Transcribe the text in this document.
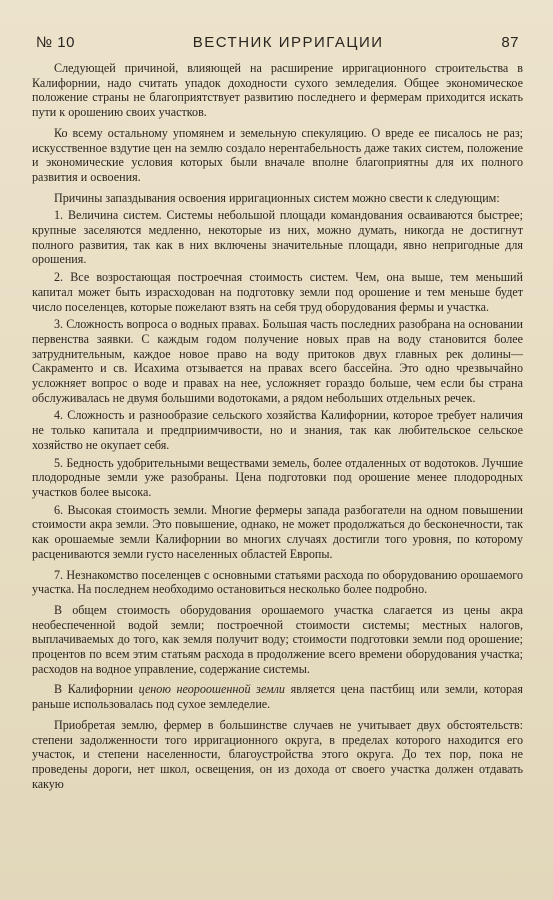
№ 10	ВЕСТНИК ИРРИГАЦИИ	87

Следующей причиной, влияющей на расширение ирригационного строительства в Калифорнии, надо считать упадок доходности сухого земледелия. Общее экономическое положение страны не благоприятствует развитию последнего и фермерам приходится искать пути к орошению своих участков.

Ко всему остальному упомянем и земельную спекуляцию. О вреде ее писалось не раз; искусственное вздутие цен на землю создало нерентабельность даже таких систем, положение и экономические условия которых были вначале вполне благоприятны для их полного развития и освоения.

Причины запаздывания освоения ирригационных систем можно свести к следующим:

1. Величина систем. Системы небольшой площади командования осваиваются быстрее; крупные заселяются медленно, некоторые из них, можно думать, никогда не достигнут полного развития, так как в них включены значительные площади, явно непригодные для орошения.

2. Все возростающая построечная стоимость систем. Чем, она выше, тем меньший капитал может быть израсходован на подготовку земли под орошение и тем меньше будет число поселенцев, которые пожелают взять на себя труд оборудования фермы и участка.

3. Сложность вопроса о водных правах. Большая часть последних разобрана на основании первенства заявки. С каждым годом получение новых прав на воду становится более затруднительным, каждое новое право на воду притоков двух главных рек долины—Сакраменто и св. Исахима отзывается на правах всего бассейна. Это одно чрезвычайно усложняет вопрос о воде и правах на нее, усложняет гораздо больше, чем если бы страна обслуживалась не двумя большими водотоками, а рядом небольших отдельных речек.

4. Сложность и разнообразие сельского хозяйства Калифорнии, которое требует наличия не только капитала и предприимчивости, но и знания, так как любительское сельское хозяйство не окупает себя.

5. Бедность удобрительными веществами земель, более отдаленных от водотоков. Лучшие плодородные земли уже разобраны. Цена подготовки под орошение менее плодородных участков более высока.

6. Высокая стоимость земли. Многие фермеры запада разбогатели на одном повышении стоимости акра земли. Это повышение, однако, не может продолжаться до бесконечности, так как орошаемые земли Калифорнии во многих случаях достигли того уровня, по которому расцениваются земли густо населенных областей Европы.

7. Незнакомство поселенцев с основными статьями расхода по оборудованию орошаемого участка. На последнем необходимо остановиться несколько более подробно.

В общем стоимость оборудования орошаемого участка слагается из цены акра необеспеченной водой земли; построечной стоимости системы; местных налогов, выплачиваемых до того, как земля получит воду; стоимости подготовки земли под орошение; процентов по всем этим статьям расхода в продолжение всего времени оборудования участка; расходов на водное управление, содержание системы.

В Калифорнии ценою неороошенной земли является цена пастбищ или земли, которая раньше использовалась под сухое земледелие.

Приобретая землю, фермер в большинстве случаев не учитывает двух обстоятельств: степени задолженности того ирригационного округа, в пределах которого находится его участок, и степени населенности, благоустройства этого округа. До тех пор, пока не проведены дороги, нет школ, освещения, он из дохода от своего участка должен отдавать какую
